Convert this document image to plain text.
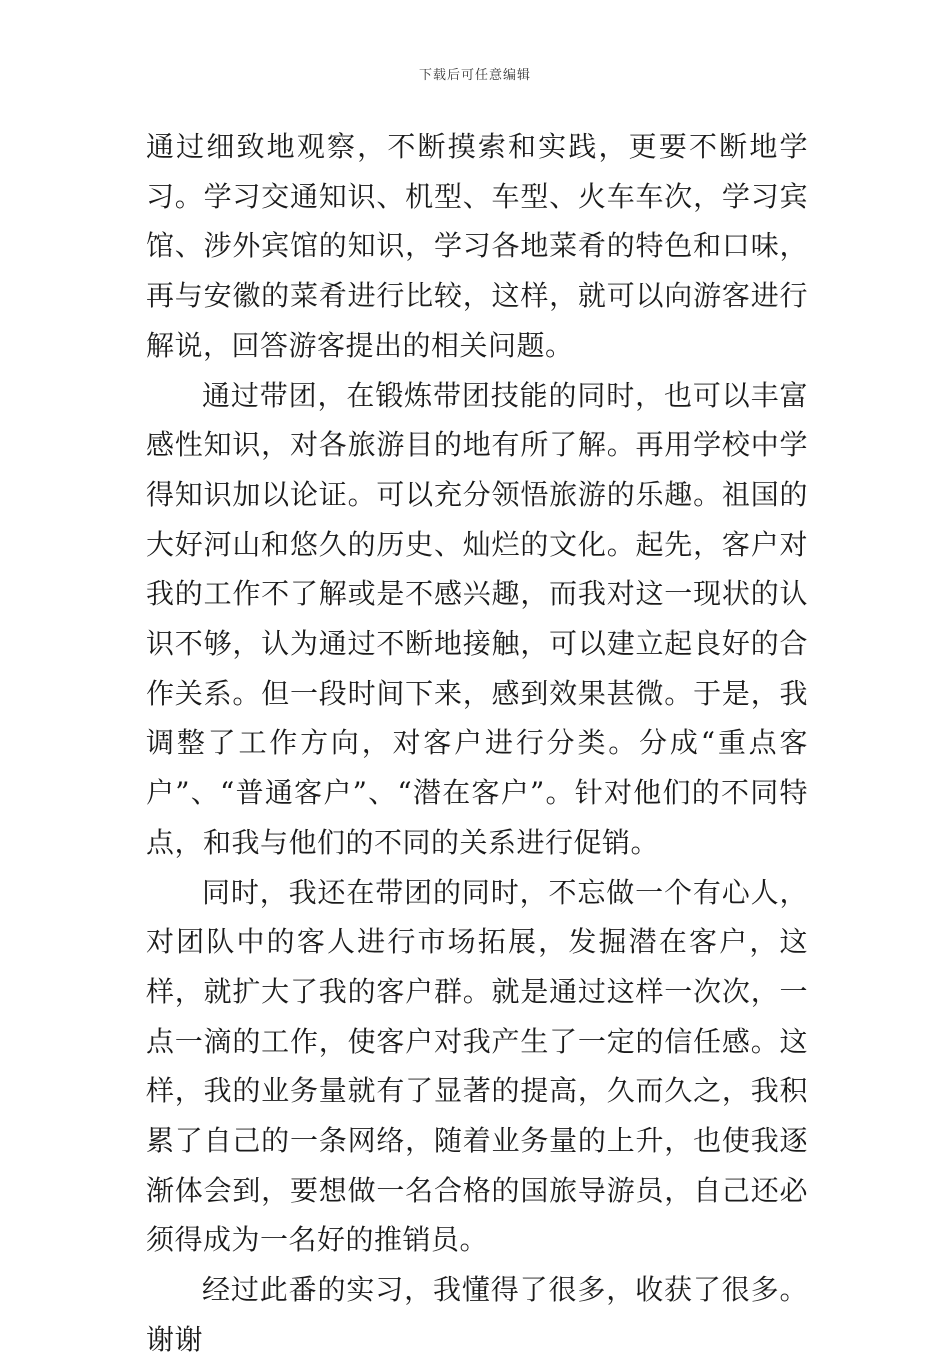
下载后可任意编辑

通过细致地观察，不断摸索和实践，更要不断地学习。学习交通知识、机型、车型、火车车次，学习宾馆、涉外宾馆的知识，学习各地菜肴的特色和口味，再与安徽的菜肴进行比较，这样，就可以向游客进行解说，回答游客提出的相关问题。

通过带团，在锻炼带团技能的同时，也可以丰富感性知识，对各旅游目的地有所了解。再用学校中学得知识加以论证。可以充分领悟旅游的乐趣。祖国的大好河山和悠久的历史、灿烂的文化。起先，客户对我的工作不了解或是不感兴趣，而我对这一现状的认识不够，认为通过不断地接触，可以建立起良好的合作关系。但一段时间下来，感到效果甚微。于是，我调整了工作方向，对客户进行分类。分成“重点客户”、“普通客户”、“潜在客户”。针对他们的不同特点，和我与他们的不同的关系进行促销。

同时，我还在带团的同时，不忘做一个有心人，对团队中的客人进行市场拓展，发掘潜在客户，这样，就扩大了我的客户群。就是通过这样一次次，一点一滴的工作，使客户对我产生了一定的信任感。这样，我的业务量就有了显著的提高，久而久之，我积累了自己的一条网络，随着业务量的上升，也使我逐渐体会到，要想做一名合格的国旅导游员，自己还必须得成为一名好的推销员。

经过此番的实习，我懂得了很多，收获了很多。谢谢
